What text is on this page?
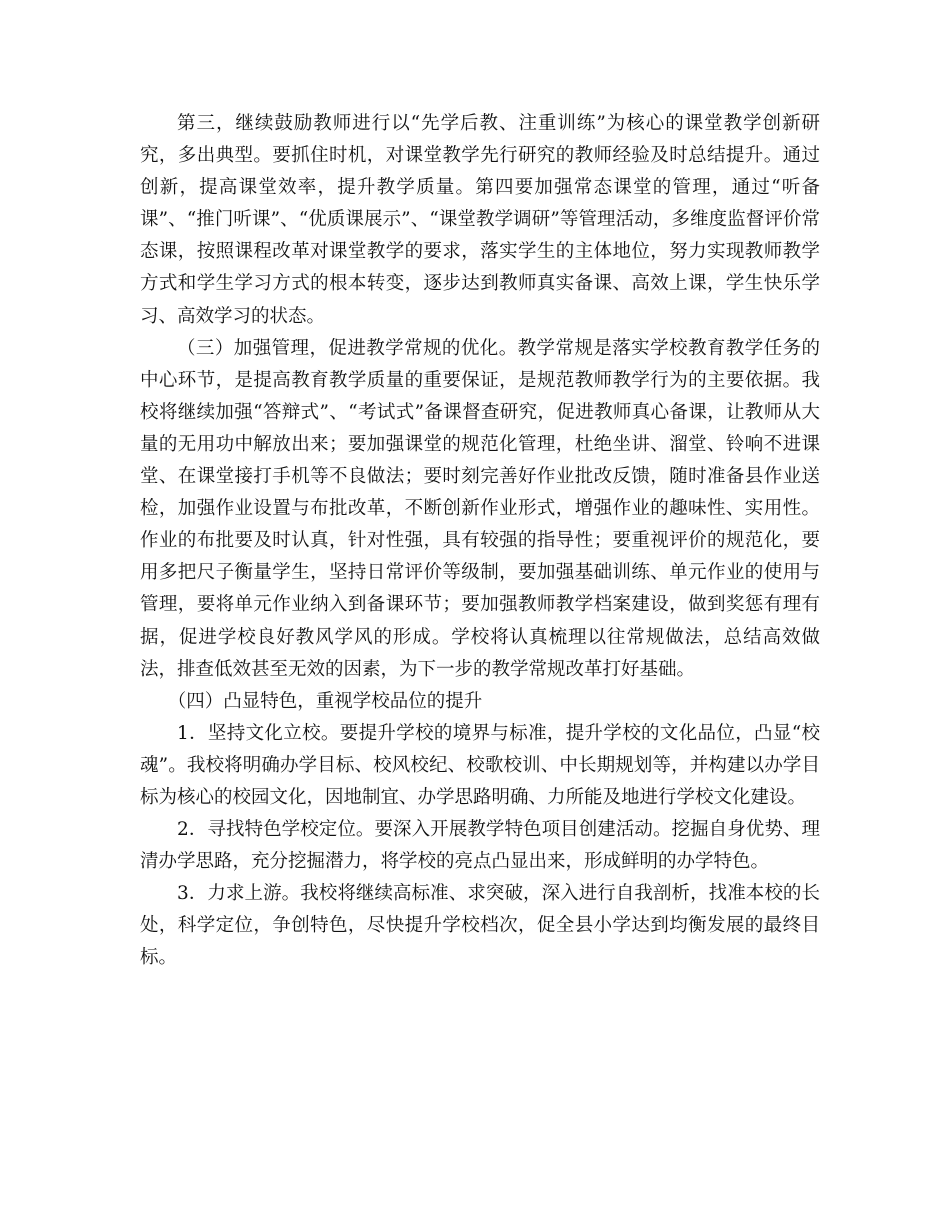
第三，继续鼓励教师进行以“先学后教、注重训练”为核心的课堂教学创新研究，多出典型。要抓住时机，对课堂教学先行研究的教师经验及时总结提升。通过创新，提高课堂效率，提升教学质量。第四要加强常态课堂的管理，通过“听备课”、“推门听课”、“优质课展示”、“课堂教学调研”等管理活动，多维度监督评价常态课，按照课程改革对课堂教学的要求，落实学生的主体地位，努力实现教师教学方式和学生学习方式的根本转变，逐步达到教师真实备课、高效上课，学生快乐学习、高效学习的状态。

（三）加强管理，促进教学常规的优化。教学常规是落实学校教育教学任务的中心环节，是提高教育教学质量的重要保证，是规范教师教学行为的主要依据。我校将继续加强“答辩式”、“考试式”备课督查研究，促进教师真心备课，让教师从大量的无用功中解放出来；要加强课堂的规范化管理，杜绝坐讲、溜堂、铃响不进课堂、在课堂接打手机等不良做法；要时刻完善好作业批改反馈，随时准备县作业送检，加强作业设置与布批改革，不断创新作业形式，增强作业的趣味性、实用性。作业的布批要及时认真，针对性强，具有较强的指导性；要重视评价的规范化，要用多把尺子衡量学生，坚持日常评价等级制，要加强基础训练、单元作业的使用与管理，要将单元作业纳入到备课环节；要加强教师教学档案建设，做到奖惩有理有据，促进学校良好教风学风的形成。学校将认真梳理以往常规做法，总结高效做法，排查低效甚至无效的因素，为下一步的教学常规改革打好基础。

（四）凸显特色，重视学校品位的提升

1．坚持文化立校。要提升学校的境界与标准，提升学校的文化品位，凸显“校魂”。我校将明确办学目标、校风校纪、校歌校训、中长期规划等，并构建以办学目标为核心的校园文化，因地制宜、办学思路明确、力所能及地进行学校文化建设。

2．寻找特色学校定位。要深入开展教学特色项目创建活动。挖掘自身优势、理清办学思路，充分挖掘潜力，将学校的亮点凸显出来，形成鲜明的办学特色。

3．力求上游。我校将继续高标准、求突破，深入进行自我剖析，找准本校的长处，科学定位，争创特色，尽快提升学校档次，促全县小学达到均衡发展的最终目标。
